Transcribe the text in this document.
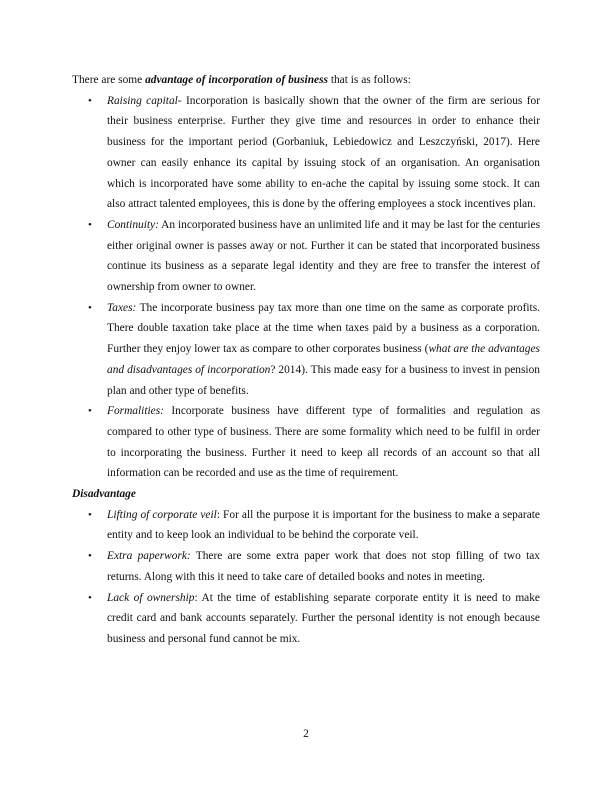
There are some advantage of incorporation of business that is as follows:

• Raising capital- Incorporation is basically shown that the owner of the firm are serious for their business enterprise. Further they give time and resources in order to enhance their business for the important period (Gorbaniuk, Lebiedowicz and Leszczyński, 2017). Here owner can easily enhance its capital by issuing stock of an organisation. An organisation which is incorporated have some ability to en-ache the capital by issuing some stock. It can also attract talented employees, this is done by the offering employees a stock incentives plan.
• Continuity: An incorporated business have an unlimited life and it may be last for the centuries either original owner is passes away or not. Further it can be stated that incorporated business continue its business as a separate legal identity and they are free to transfer the interest of ownership from owner to owner.
• Taxes: The incorporate business pay tax more than one time on the same as corporate profits. There double taxation take place at the time when taxes paid by a business as a corporation. Further they enjoy lower tax as compare to other corporates business (what are the advantages and disadvantages of incorporation? 2014). This made easy for a business to invest in pension plan and other type of benefits.
• Formalities: Incorporate business have different type of formalities and regulation as compared to other type of business. There are some formality which need to be fulfil in order to incorporating the business. Further it need to keep all records of an account so that all information can be recorded and use as the time of requirement.

Disadvantage

• Lifting of corporate veil: For all the purpose it is important for the business to make a separate entity and to keep look an individual to be behind the corporate veil.
• Extra paperwork: There are some extra paper work that does not stop filling of two tax returns. Along with this it need to take care of detailed books and notes in meeting.
• Lack of ownership: At the time of establishing separate corporate entity it is need to make credit card and bank accounts separately. Further the personal identity is not enough because business and personal fund cannot be mix.
2
